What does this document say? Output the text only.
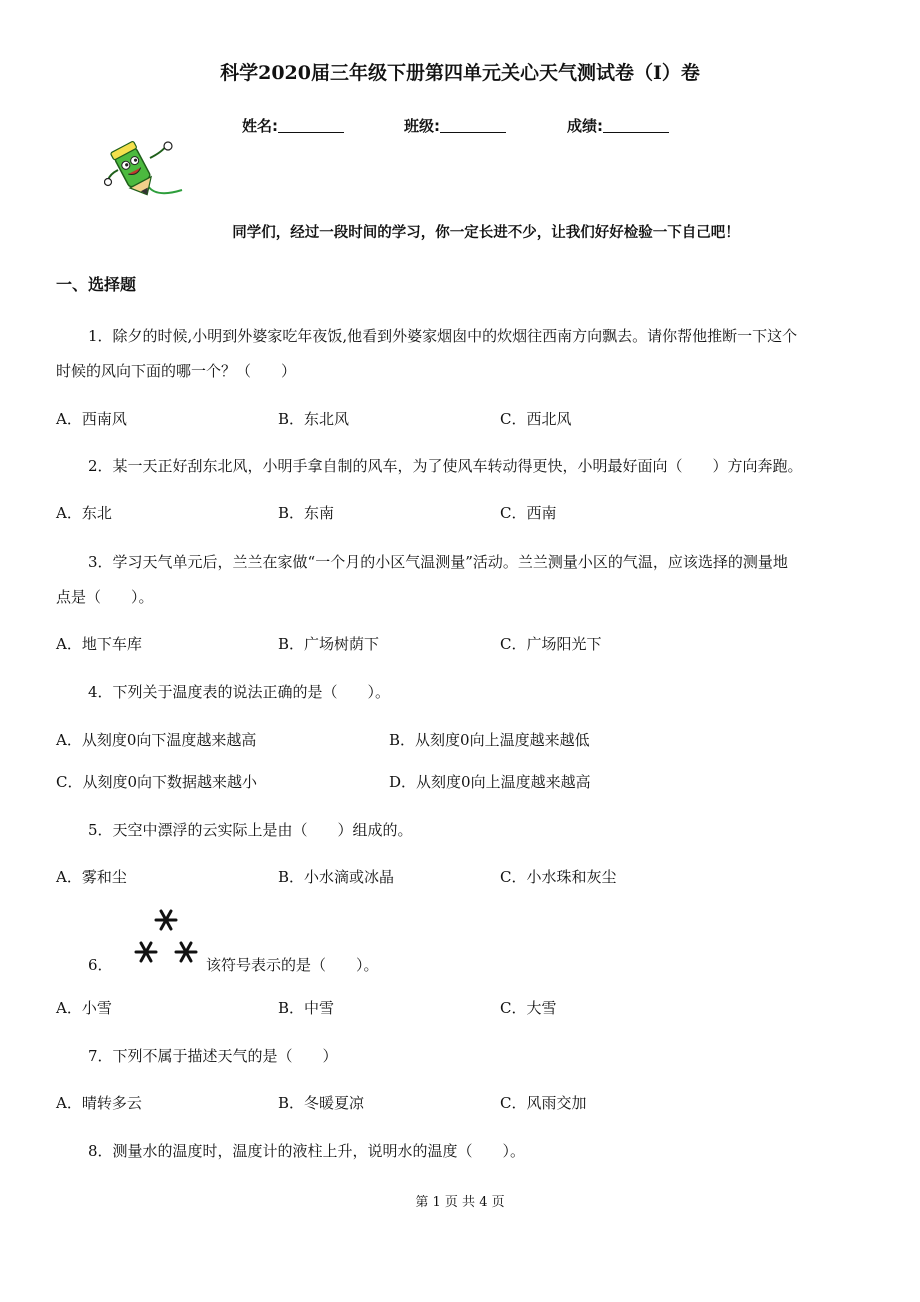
科学2020届三年级下册第四单元关心天气测试卷（I）卷
姓名:	班级:	成绩:
同学们，经过一段时间的学习，你一定长进不少，让我们好好检验一下自己吧！
一、选择题
1．除夕的时候,小明到外婆家吃年夜饭,他看到外婆家烟囱中的炊烟往西南方向飘去。请你帮他推断一下这个
时候的风向下面的哪一个？（　　）
A．西南风	B．东北风	C．西北风
2．某一天正好刮东北风，小明手拿自制的风车，为了使风车转动得更快，小明最好面向（　　）方向奔跑。
A．东北	B．东南	C．西南
3．学习天气单元后，兰兰在家做“一个月的小区气温测量”活动。兰兰测量小区的气温，应该选择的测量地
点是（　　）。
A．地下车库	B．广场树荫下	C．广场阳光下
4．下列关于温度表的说法正确的是（　　）。
A．从刻度0向下温度越来越高	B．从刻度0向上温度越来越低
C．从刻度0向下数据越来越小	D．从刻度0向上温度越来越高
5．天空中漂浮的云实际上是由（　　）组成的。
A．雾和尘	B．小水滴或冰晶	C．小水珠和灰尘
6．	该符号表示的是（　　）。
A．小雪	B．中雪	C．大雪
7．下列不属于描述天气的是（　　）
A．晴转多云	B．冬暖夏凉	C．风雨交加
8．测量水的温度时，温度计的液柱上升，说明水的温度（　　）。
第 1 页 共 4 页
